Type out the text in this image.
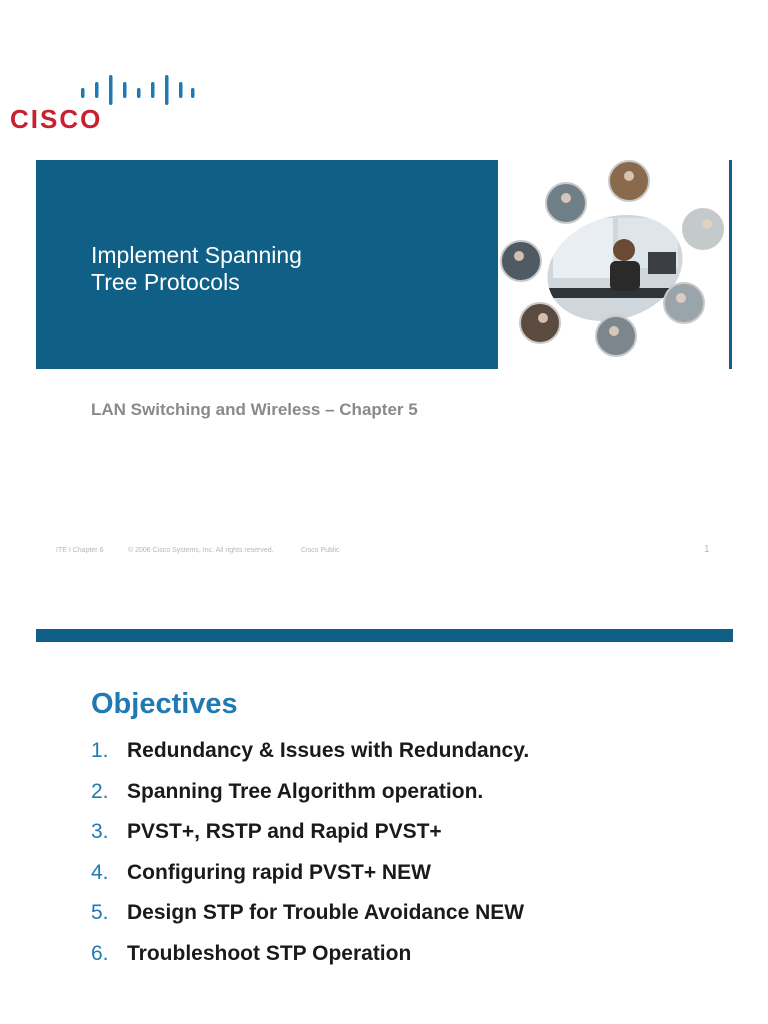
CISCO
Implement Spanning
Tree Protocols
LAN Switching and Wireless – Chapter 5
ITE I Chapter 6	© 2006 Cisco Systems, Inc. All rights reserved.	Cisco Public	1
Objectives
1. Redundancy & Issues with Redundancy.
2. Spanning Tree Algorithm operation.
3. PVST+, RSTP and Rapid PVST+
4. Configuring rapid PVST+ NEW
5. Design STP for Trouble Avoidance NEW
6. Troubleshoot STP Operation
